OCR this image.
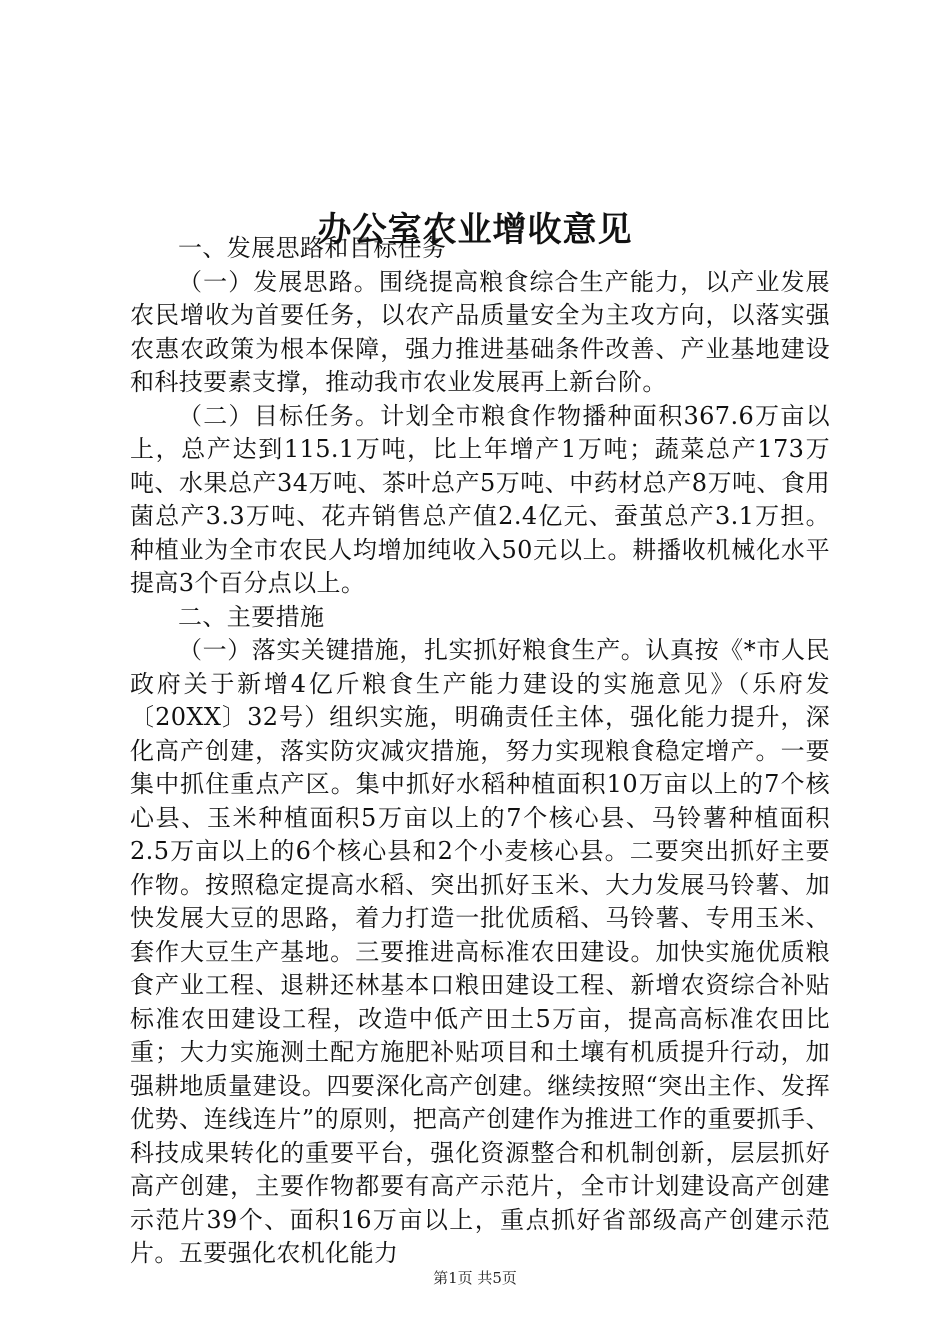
办公室农业增收意见

一、发展思路和目标任务

（一）发展思路。围绕提高粮食综合生产能力，以产业发展农民增收为首要任务，以农产品质量安全为主攻方向，以落实强农惠农政策为根本保障，强力推进基础条件改善、产业基地建设和科技要素支撑，推动我市农业发展再上新台阶。

（二）目标任务。计划全市粮食作物播种面积367.6万亩以上，总产达到115.1万吨，比上年增产1万吨；蔬菜总产173万吨、水果总产34万吨、茶叶总产5万吨、中药材总产8万吨、食用菌总产3.3万吨、花卉销售总产值2.4亿元、蚕茧总产3.1万担。种植业为全市农民人均增加纯收入50元以上。耕播收机械化水平提高3个百分点以上。

二、主要措施

（一）落实关键措施，扎实抓好粮食生产。认真按《*市人民政府关于新增4亿斤粮食生产能力建设的实施意见》（乐府发〔20XX〕32号）组织实施，明确责任主体，强化能力提升，深化高产创建，落实防灾减灾措施，努力实现粮食稳定增产。一要集中抓住重点产区。集中抓好水稻种植面积10万亩以上的7个核心县、玉米种植面积5万亩以上的7个核心县、马铃薯种植面积2.5万亩以上的6个核心县和2个小麦核心县。二要突出抓好主要作物。按照稳定提高水稻、突出抓好玉米、大力发展马铃薯、加快发展大豆的思路，着力打造一批优质稻、马铃薯、专用玉米、套作大豆生产基地。三要推进高标准农田建设。加快实施优质粮食产业工程、退耕还林基本口粮田建设工程、新增农资综合补贴标准农田建设工程，改造中低产田土5万亩，提高高标准农田比重；大力实施测土配方施肥补贴项目和土壤有机质提升行动，加强耕地质量建设。四要深化高产创建。继续按照“突出主作、发挥优势、连线连片”的原则，把高产创建作为推进工作的重要抓手、科技成果转化的重要平台，强化资源整合和机制创新，层层抓好高产创建，主要作物都要有高产示范片，全市计划建设高产创建示范片39个、面积16万亩以上，重点抓好省部级高产创建示范片。五要强化农机化能力

第1页 共5页
